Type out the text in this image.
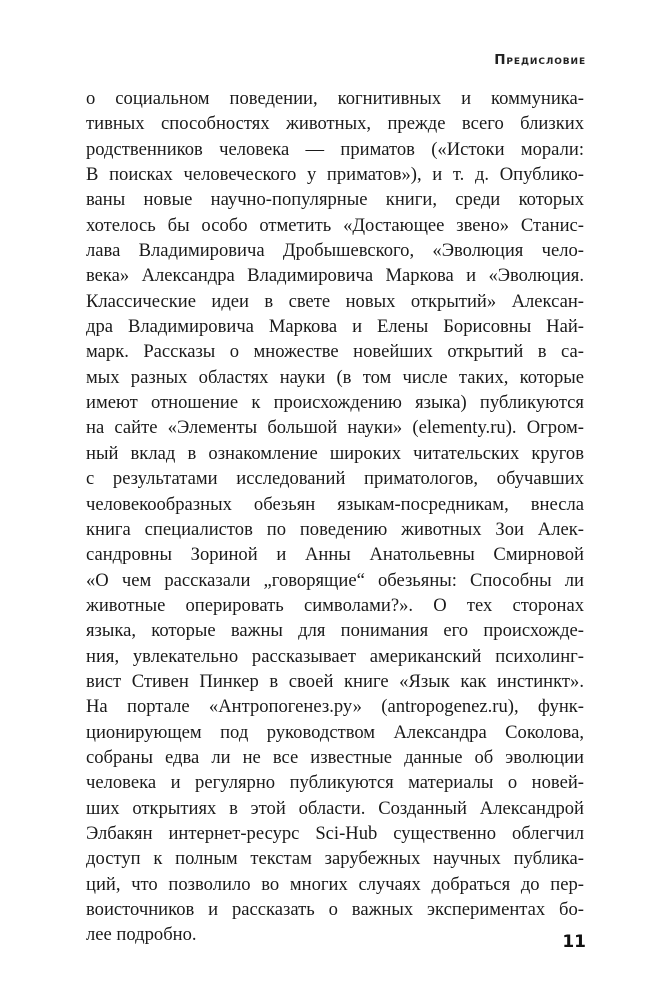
Предисловие
о социальном поведении, когнитивных и коммуника-
тивных способностях животных, прежде всего близких
родственников человека — приматов («Истоки морали:
В поисках человеческого у приматов»), и т. д. Опублико-
ваны новые научно-популярные книги, среди которых
хотелось бы особо отметить «Достающее звено» Станис-
лава Владимировича Дробышевского, «Эволюция чело-
века» Александра Владимировича Маркова и «Эволюция.
Классические идеи в свете новых открытий» Алексан-
дра Владимировича Маркова и Елены Борисовны Най-
марк. Рассказы о множестве новейших открытий в са-
мых разных областях науки (в том числе таких, которые
имеют отношение к происхождению языка) публикуются
на сайте «Элементы большой науки» (elementy.ru). Огром-
ный вклад в ознакомление широких читательских кругов
с результатами исследований приматологов, обучавших
человекообразных обезьян языкам-посредникам, внесла
книга специалистов по поведению животных Зои Алек-
сандровны Зориной и Анны Анатольевны Смирновой
«О чем рассказали „говорящие“ обезьяны: Способны ли
животные оперировать символами?». О тех сторонах
языка, которые важны для понимания его происхожде-
ния, увлекательно рассказывает американский психолинг-
вист Стивен Пинкер в своей книге «Язык как инстинкт».
На портале «Антропогенез.ру» (antropogenez.ru), функ-
ционирующем под руководством Александра Соколова,
собраны едва ли не все известные данные об эволюции
человека и регулярно публикуются материалы о новей-
ших открытиях в этой области. Созданный Александрой
Элбакян интернет-ресурс Sci-Hub существенно облегчил
доступ к полным текстам зарубежных научных публика-
ций, что позволило во многих случаях добраться до пер-
воисточников и рассказать о важных экспериментах бо-
лее подробно.	11
